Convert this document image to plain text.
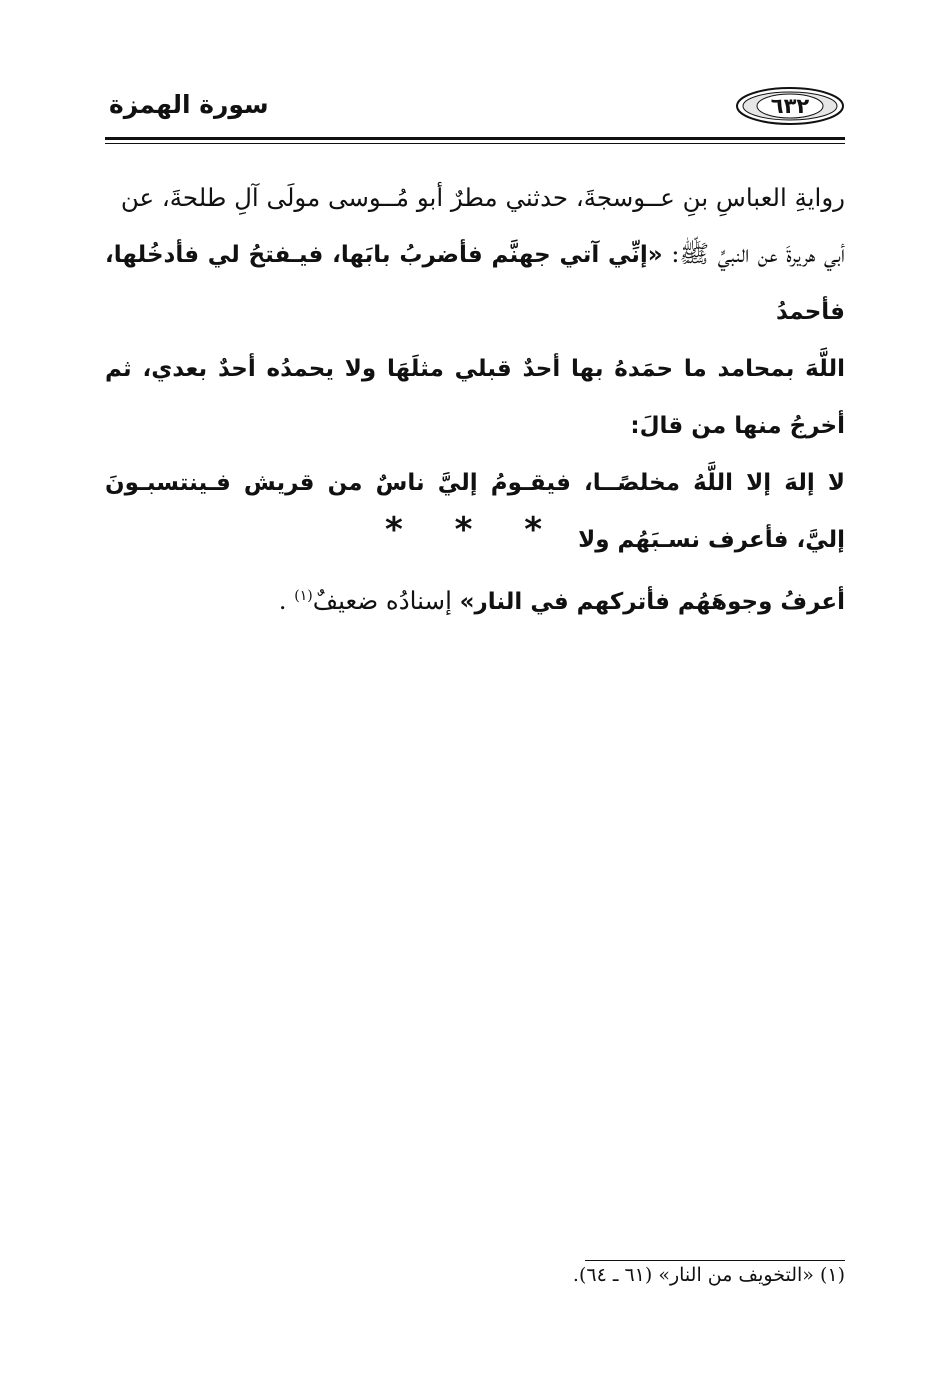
سورة الهمزة	٦٣٢
روايةِ العباسِ بنِ عــوسجةَ، حدثني مطرٌ أبو مُــوسى مولَى آلِ طلحةَ، عن
أبي هريرةَ عن النبيِّ ﷺ: «إنِّي آتي جهنَّم فأضربُ بابَها، فيـفتحُ لي فأدخُلها، فأحمدُ
اللَّهَ بمحامد ما حمَدهُ بها أحدٌ قبلي مثلَهَا ولا يحمدُه أحدٌ بعدي، ثم أخرجُ منها من قالَ:
لا إلهَ إلا اللَّهُ مخلصًــا، فيقـومُ إليَّ ناسٌ من قريش فـينتسبـونَ إليَّ، فأعرف نسـبَهُم ولا
أعرفُ وجوهَهُم فأتركهم في النار» إسنادُه ضعيفٌ$^{(١)}$ .
* * *
(١) «التخويف من النار» (٦١ ـ ٦٤).
